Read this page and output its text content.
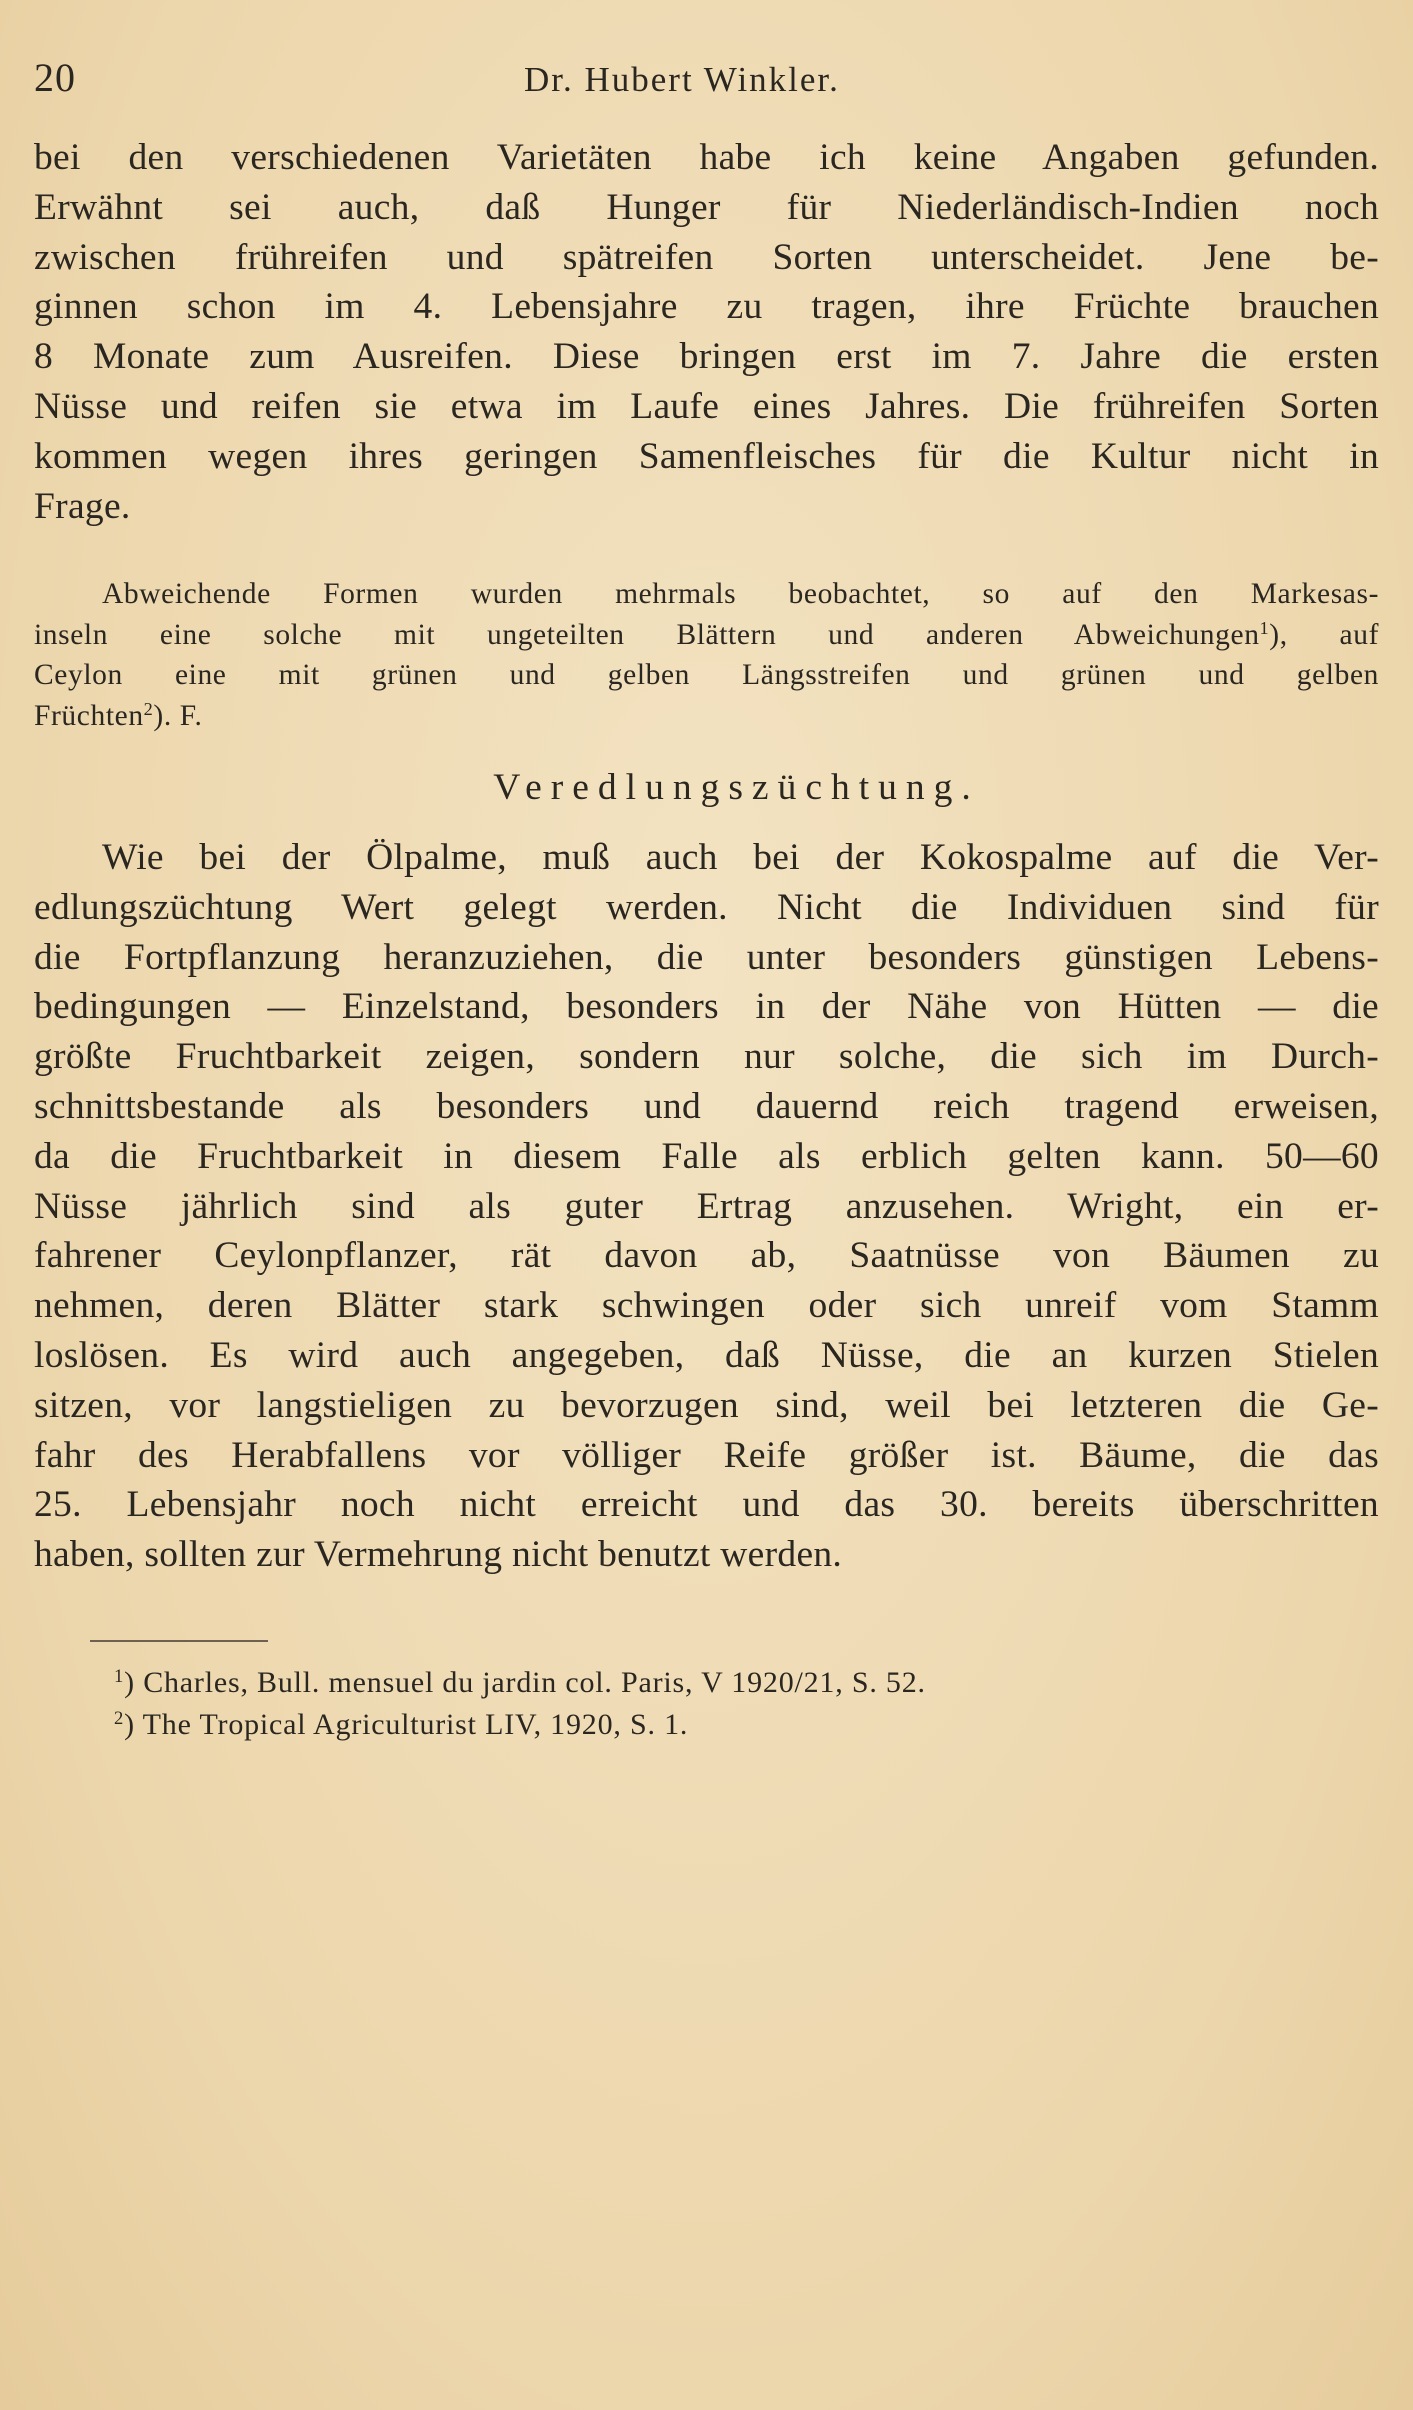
20	Dr. Hubert Winkler.
bei den verschiedenen Varietäten habe ich keine Angaben gefunden.
Erwähnt sei auch, daß Hunger für Niederländisch-Indien noch
zwischen frühreifen und spätreifen Sorten unterscheidet. Jene be-
ginnen schon im 4. Lebensjahre zu tragen, ihre Früchte brauchen
8 Monate zum Ausreifen. Diese bringen erst im 7. Jahre die ersten
Nüsse und reifen sie etwa im Laufe eines Jahres. Die frühreifen Sorten
kommen wegen ihres geringen Samenfleisches für die Kultur nicht in
Frage.
Abweichende Formen wurden mehrmals beobachtet, so auf den Markesas-
inseln eine solche mit ungeteilten Blättern und anderen Abweichungen$^1$), auf
Ceylon eine mit grünen und gelben Längsstreifen und grünen und gelben
Früchten$^2$). F.
Veredlungszüchtung.
Wie bei der Ölpalme, muß auch bei der Kokospalme auf die Ver-
edlungszüchtung Wert gelegt werden. Nicht die Individuen sind für
die Fortpflanzung heranzuziehen, die unter besonders günstigen Lebens-
bedingungen — Einzelstand, besonders in der Nähe von Hütten — die
größte Fruchtbarkeit zeigen, sondern nur solche, die sich im Durch-
schnittsbestande als besonders und dauernd reich tragend erweisen,
da die Fruchtbarkeit in diesem Falle als erblich gelten kann. 50—60
Nüsse jährlich sind als guter Ertrag anzusehen. Wright, ein er-
fahrener Ceylonpflanzer, rät davon ab, Saatnüsse von Bäumen zu
nehmen, deren Blätter stark schwingen oder sich unreif vom Stamm
loslösen. Es wird auch angegeben, daß Nüsse, die an kurzen Stielen
sitzen, vor langstieligen zu bevorzugen sind, weil bei letzteren die Ge-
fahr des Herabfallens vor völliger Reife größer ist. Bäume, die das
25. Lebensjahr noch nicht erreicht und das 30. bereits überschritten
haben, sollten zur Vermehrung nicht benutzt werden.
$^1$) Charles, Bull. mensuel du jardin col. Paris, V 1920/21, S. 52.
$^2$) The Tropical Agriculturist LIV, 1920, S. 1.
